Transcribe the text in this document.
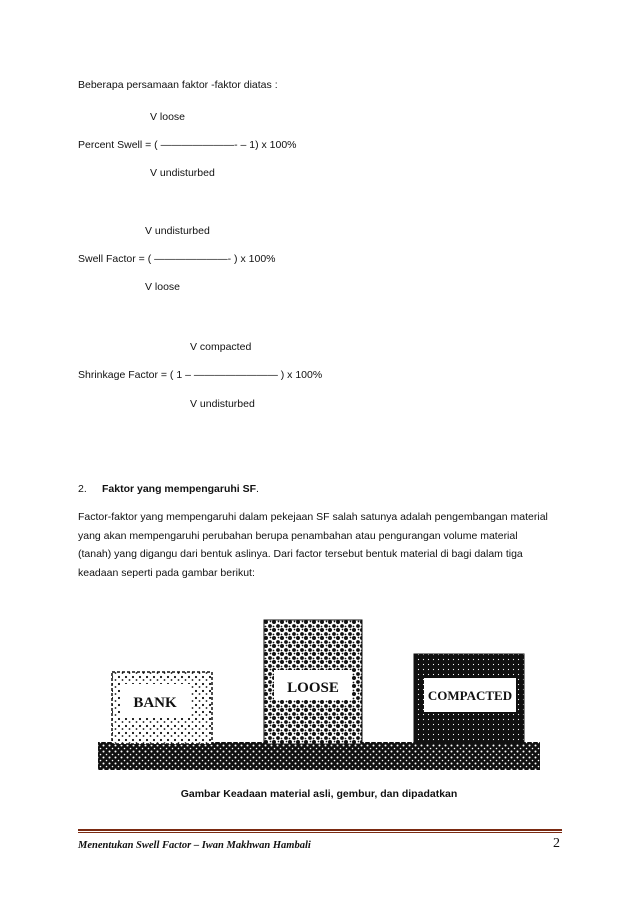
Beberapa persamaan faktor -faktor diatas :
V loose
Percent Swell = ( ———————- – 1) x 100%
V undisturbed
V undisturbed
Swell Factor = ( ———————- ) x 100%
V loose
V compacted
Shrinkage Factor = ( 1 – ———————— ) x 100%
V undisturbed
2. Faktor yang mempengaruhi SF.
Factor-faktor yang mempengaruhi dalam pekejaan SF salah satunya adalah pengembangan material
yang akan mempengaruhi perubahan berupa penambahan atau pengurangan volume material
(tanah) yang digangu dari bentuk aslinya. Dari factor tersebut bentuk material di bagi dalam tiga
keadaan seperti pada gambar berikut:
BANK
LOOSE	COMPACTED
Gambar Keadaan material asli, gembur, dan dipadatkan
Menentukan Swell Factor – Iwan Makhwan Hambali	2
